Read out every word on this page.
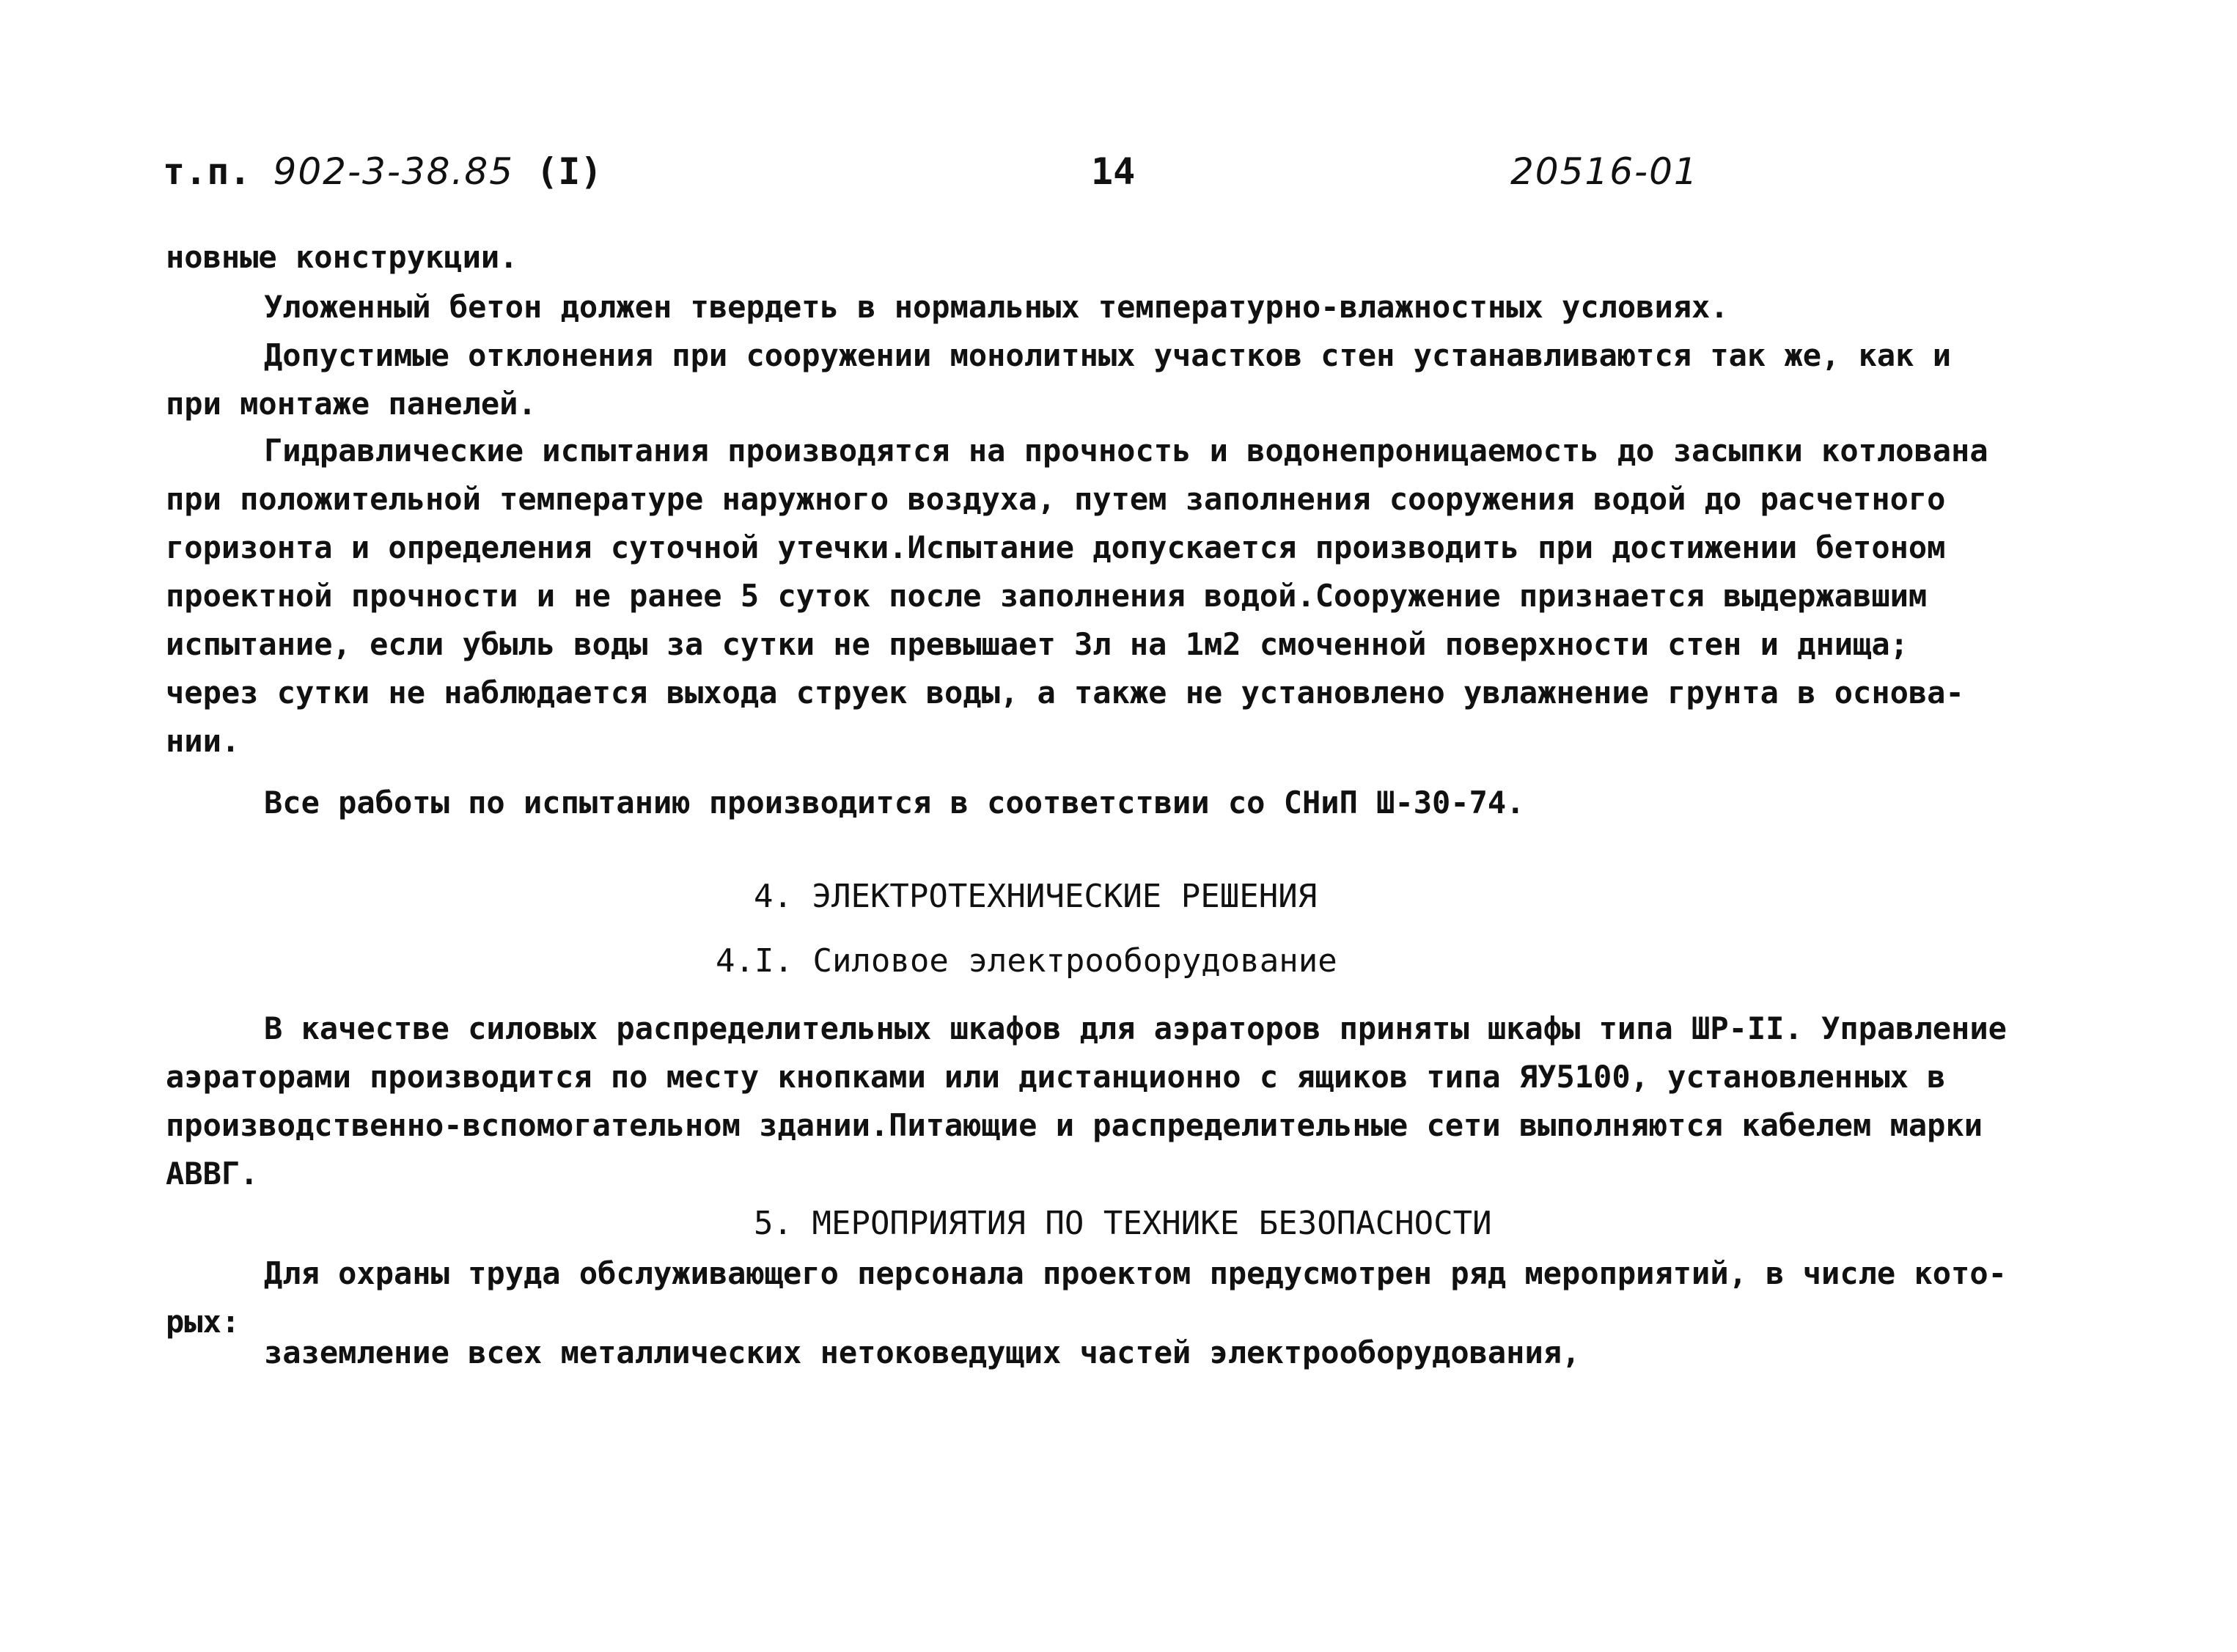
т.п. 902-3-38.85 (I)	14	20516-01
новные конструкции.
Уложенный бетон должен твердеть в нормальных температурно-влажностных условиях.
Допустимые отклонения при сооружении монолитных участков стен устанавливаются так же, как и
при монтаже панелей.
Гидравлические испытания производятся на прочность и водонепроницаемость до засыпки котлована
при положительной температуре наружного воздуха, путем заполнения сооружения водой до расчетного
горизонта и определения суточной утечки.Испытание допускается производить при достижении бетоном
проектной прочности и не ранее 5 суток после заполнения водой.Сооружение признается выдержавшим
испытание, если убыль воды за сутки не превышает 3л на 1м2 смоченной поверхности стен и днища;
через сутки не наблюдается выхода струек воды, а также не установлено увлажнение грунта в основа-
нии.
Все работы по испытанию производится в соответствии со СНиП Ш-30-74.
4. ЭЛЕКТРОТЕХНИЧЕСКИЕ РЕШЕНИЯ
4.I. Силовое электрооборудование
В качестве силовых распределительных шкафов для аэраторов приняты шкафы типа ШР-II. Управление
аэраторами производится по месту кнопками или дистанционно с ящиков типа ЯУ5100, установленных в
производственно-вспомогательном здании.Питающие и распределительные сети выполняются кабелем марки
АВВГ.
5. МЕРОПРИЯТИЯ ПО ТЕХНИКЕ БЕЗОПАСНОСТИ
Для охраны труда обслуживающего персонала проектом предусмотрен ряд мероприятий, в числе кото-
рых:
заземление всех металлических нетоковедущих частей электрооборудования,
